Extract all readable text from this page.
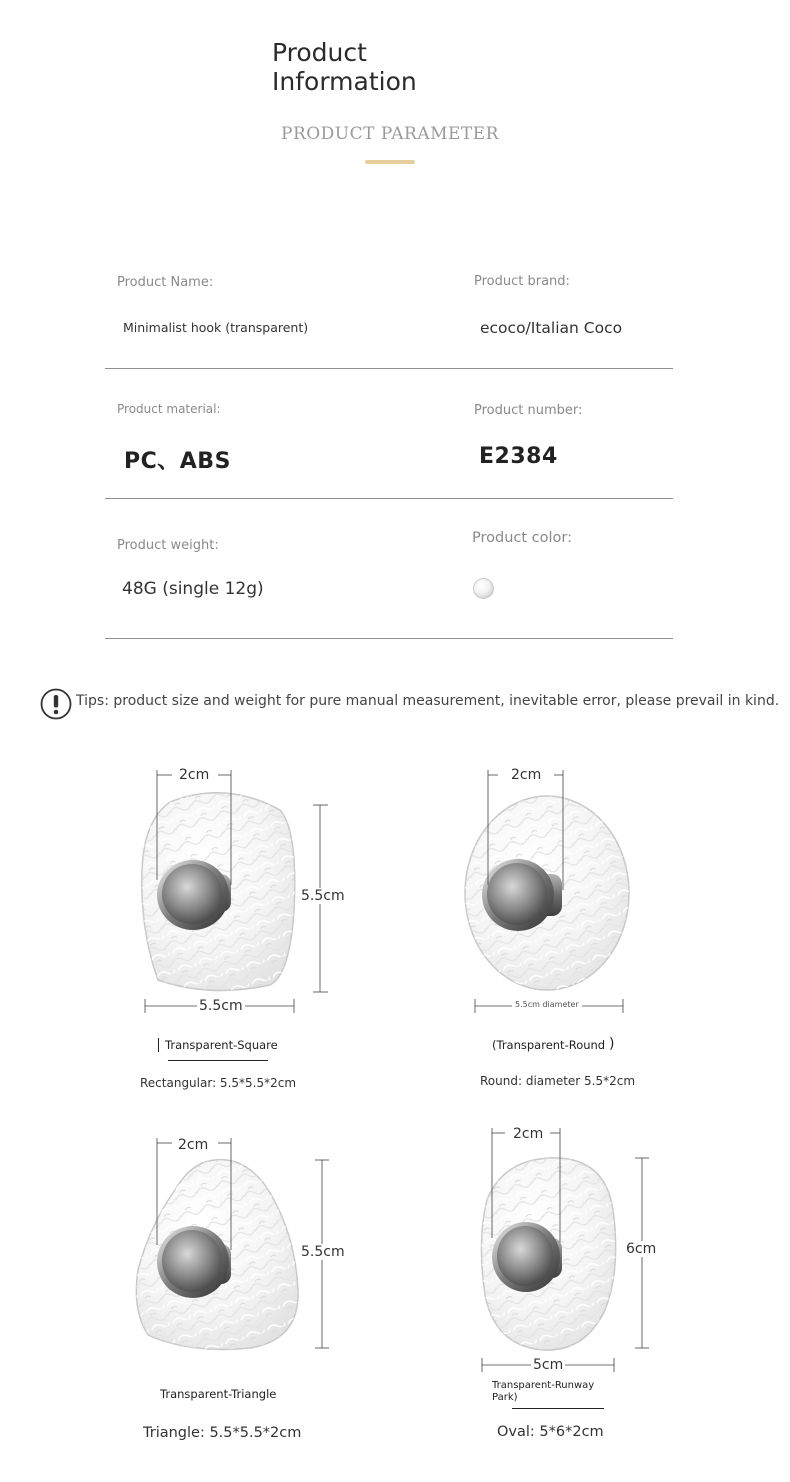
Product
Information
PRODUCT PARAMETER
Product Name:
Minimalist hook (transparent)
Product brand:
ecoco/Italian Coco
Product material:
PC、ABS
Product number:
E2384
Product weight:
48G (single 12g)
Product color:
Tips: product size and weight for pure manual measurement, inevitable error, please prevail in kind.
2cm
5.5cm
5.5cm
Transparent-Square
Rectangular: 5.5*5.5*2cm
2cm
5.5cm diameter
(Transparent-Round )
Round: diameter 5.5*2cm
2cm
5.5cm
Transparent-Triangle
Triangle: 5.5*5.5*2cm
2cm
6cm
5cm
Transparent-Runway
Park)
Oval: 5*6*2cm
